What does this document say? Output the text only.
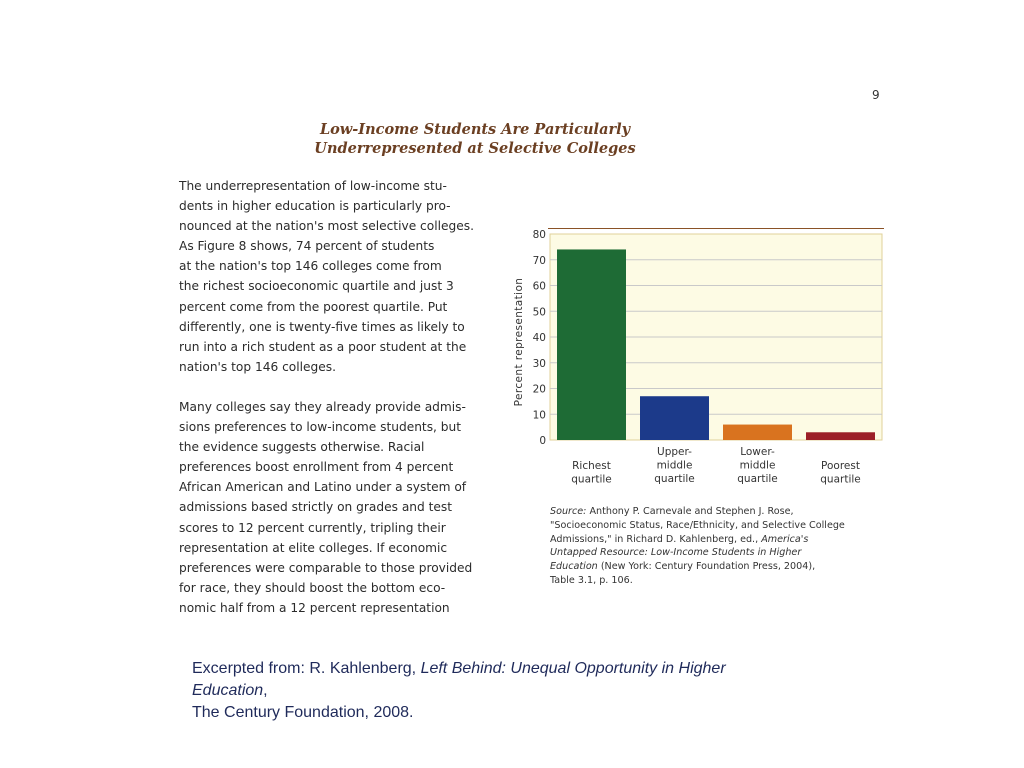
9
Low-Income Students Are Particularly
Underrepresented at Selective Colleges
The underrepresentation of low-income stu-
dents in higher education is particularly pro-
nounced at the nation's most selective colleges.
As Figure 8 shows, 74 percent of students
at the nation's top 146 colleges come from
the richest socioeconomic quartile and just 3
percent come from the poorest quartile. Put
differently, one is twenty-five times as likely to
run into a rich student as a poor student at the
nation's top 146 colleges.
Many colleges say they already provide admis-
sions preferences to low-income students, but
the evidence suggests otherwise. Racial
preferences boost enrollment from 4 percent
African American and Latino under a system of
admissions based strictly on grades and test
scores to 12 percent currently, tripling their
representation at elite colleges. If economic
preferences were comparable to those provided
for race, they should boost the bottom eco-
nomic half from a 12 percent representation
0
10
20
30
40
50
60
70
80
Richest
quartile
Upper-
middle
quartile
Lower-
middle
quartile
Poorest
quartile
Percent representation
Figure 8. Economic Diversity at the
Nation's Top 146 Colleges
Source: Anthony P. Carnevale and Stephen J. Rose,
"Socioeconomic Status, Race/Ethnicity, and Selective College
Admissions," in Richard D. Kahlenberg, ed., America's
Untapped Resource: Low-Income Students in Higher
Education (New York: Century Foundation Press, 2004),
Table 3.1, p. 106.
Excerpted from: R. Kahlenberg, Left Behind: Unequal Opportunity in Higher
Education,
The Century Foundation, 2008.
